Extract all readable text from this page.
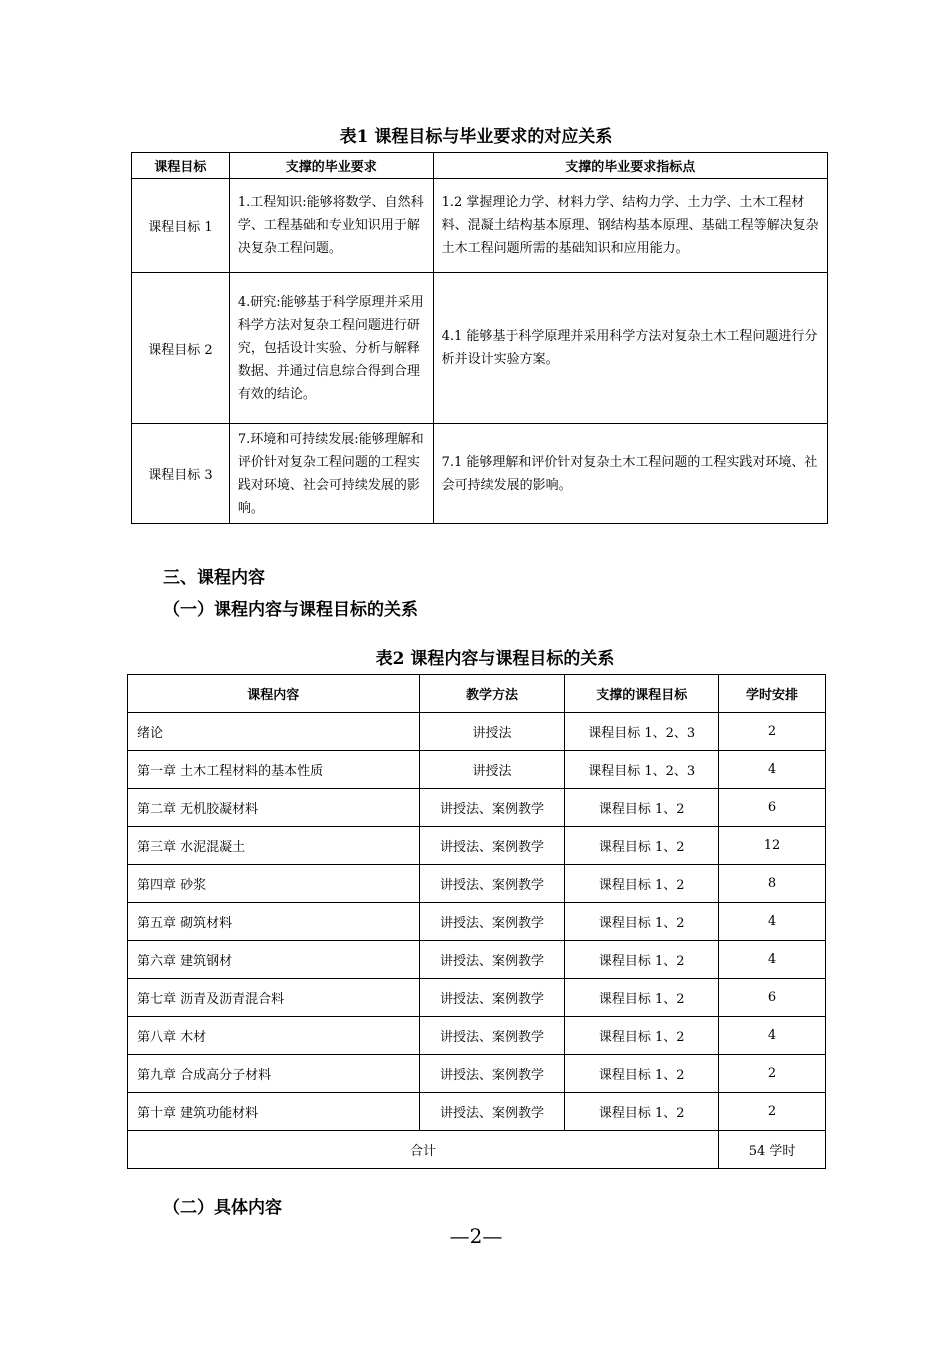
表1 课程目标与毕业要求的对应关系
课程目标	支撑的毕业要求	支撑的毕业要求指标点
课程目标 1	1.工程知识:能够将数学、自然科学、工程基础和专业知识用于解决复杂工程问题。	1.2 掌握理论力学、材料力学、结构力学、土力学、土木工程材料、混凝土结构基本原理、钢结构基本原理、基础工程等解决复杂土木工程问题所需的基础知识和应用能力。
课程目标 2	4.研究:能够基于科学原理并采用科学方法对复杂工程问题进行研究，包括设计实验、分析与解释数据、并通过信息综合得到合理有效的结论。	4.1 能够基于科学原理并采用科学方法对复杂土木工程问题进行分析并设计实验方案。
课程目标 3	7.环境和可持续发展:能够理解和评价针对复杂工程问题的工程实践对环境、社会可持续发展的影响。	7.1 能够理解和评价针对复杂土木工程问题的工程实践对环境、社会可持续发展的影响。
三、课程内容
（一）课程内容与课程目标的关系
表2 课程内容与课程目标的关系
课程内容	教学方法	支撑的课程目标	学时安排
绪论	讲授法	课程目标 1、2、3	2
第一章 土木工程材料的基本性质	讲授法	课程目标 1、2、3	4
第二章 无机胶凝材料	讲授法、案例教学	课程目标 1、2	6
第三章 水泥混凝土	讲授法、案例教学	课程目标 1、2	12
第四章 砂浆	讲授法、案例教学	课程目标 1、2	8
第五章 砌筑材料	讲授法、案例教学	课程目标 1、2	4
第六章 建筑钢材	讲授法、案例教学	课程目标 1、2	4
第七章 沥青及沥青混合料	讲授法、案例教学	课程目标 1、2	6
第八章 木材	讲授法、案例教学	课程目标 1、2	4
第九章 合成高分子材料	讲授法、案例教学	课程目标 1、2	2
第十章 建筑功能材料	讲授法、案例教学	课程目标 1、2	2
合计			54 学时
（二）具体内容
—2—
